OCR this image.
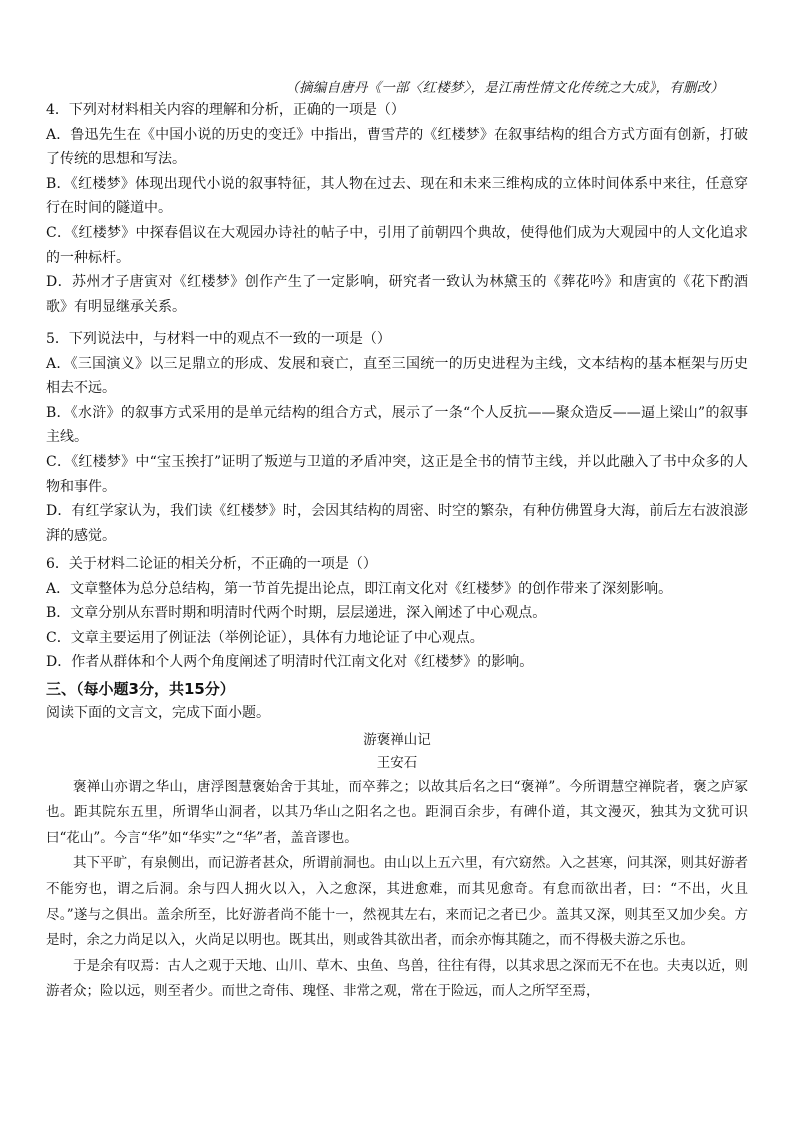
（摘编自唐丹《一部〈红楼梦〉，是江南性情文化传统之大成》，有删改）
4．下列对材料相关内容的理解和分析，正确的一项是（）
A．鲁迅先生在《中国小说的历史的变迁》中指出，曹雪芹的《红楼梦》在叙事结构的组合方式方面有创新，打破了传统的思想和写法。
B．《红楼梦》体现出现代小说的叙事特征，其人物在过去、现在和未来三维构成的立体时间体系中来往，任意穿行在时间的隧道中。
C．《红楼梦》中探春倡议在大观园办诗社的帖子中，引用了前朝四个典故，使得他们成为大观园中的人文化追求的一种标杆。
D．苏州才子唐寅对《红楼梦》创作产生了一定影响，研究者一致认为林黛玉的《葬花吟》和唐寅的《花下酌酒歌》有明显继承关系。
5．下列说法中，与材料一中的观点不一致的一项是（）
A．《三国演义》以三足鼎立的形成、发展和衰亡，直至三国统一的历史进程为主线，文本结构的基本框架与历史相去不远。
B．《水浒》的叙事方式采用的是单元结构的组合方式，展示了一条“个人反抗——聚众造反——逼上梁山”的叙事主线。
C．《红楼梦》中“宝玉挨打”证明了叛逆与卫道的矛盾冲突，这正是全书的情节主线，并以此融入了书中众多的人物和事件。
D．有红学家认为，我们读《红楼梦》时，会因其结构的周密、时空的繁杂，有种仿佛置身大海，前后左右波浪澎湃的感觉。
6．关于材料二论证的相关分析，不正确的一项是（）
A．文章整体为总分总结构，第一节首先提出论点，即江南文化对《红楼梦》的创作带来了深刻影响。
B．文章分别从东晋时期和明清时代两个时期，层层递进，深入阐述了中心观点。
C．文章主要运用了例证法（举例论证），具体有力地论证了中心观点。
D．作者从群体和个人两个角度阐述了明清时代江南文化对《红楼梦》的影响。
三、（每小题3分，共15分）
阅读下面的文言文，完成下面小题。
游褒禅山记
王安石

褒禅山亦谓之华山，唐浮图慧褒始舍于其址，而卒葬之；以故其后名之曰“褒禅”。今所谓慧空禅院者，褒之庐冢也。距其院东五里，所谓华山洞者，以其乃华山之阳名之也。距洞百余步，有碑仆道，其文漫灭，独其为文犹可识曰“花山”。今言“华”如“华实”之“华”者，盖音谬也。

其下平旷，有泉侧出，而记游者甚众，所谓前洞也。由山以上五六里，有穴窈然。入之甚寒，问其深，则其好游者不能穷也，谓之后洞。余与四人拥火以入，入之愈深，其进愈难，而其见愈奇。有怠而欲出者，曰：“不出，火且尽。”遂与之俱出。盖余所至，比好游者尚不能十一，然视其左右，来而记之者已少。盖其又深，则其至又加少矣。方是时，余之力尚足以入，火尚足以明也。既其出，则或咎其欲出者，而余亦悔其随之，而不得极夫游之乐也。

于是余有叹焉：古人之观于天地、山川、草木、虫鱼、鸟兽，往往有得，以其求思之深而无不在也。夫夷以近，则游者众；险以远，则至者少。而世之奇伟、瑰怪、非常之观，常在于险远，而人之所罕至焉，
